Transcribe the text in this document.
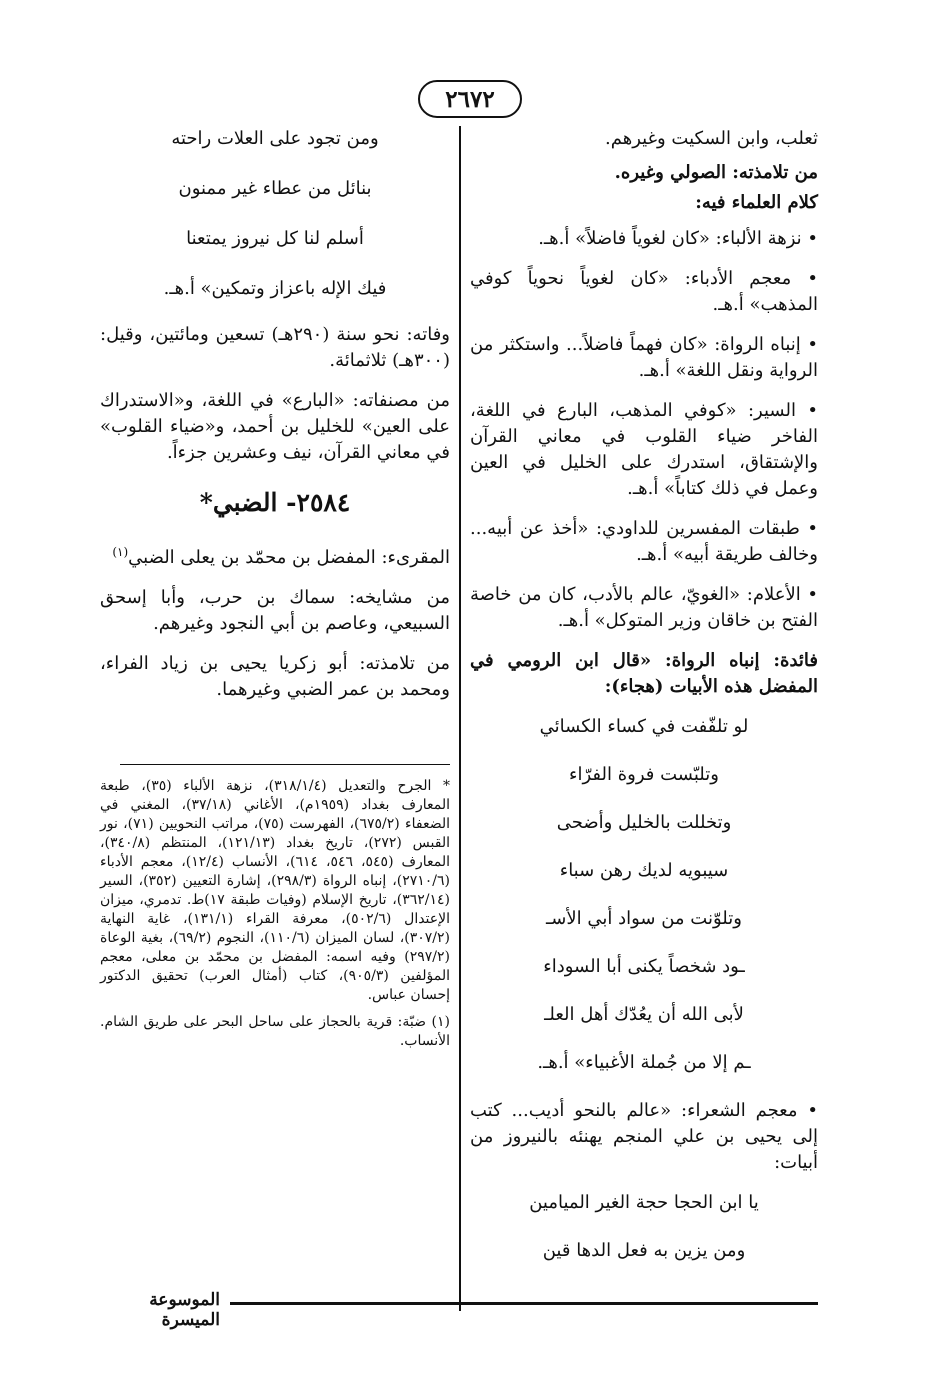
٢٦٧٢
ثعلب، وابن السكيت وغيرهم.
من تلامذته: الصولي وغيره.
كلام العلماء فيه:
• نزهة الألباء: «كان لغوياً فاضلاً» أ.هـ.
• معجم الأدباء: «كان لغوياً نحوياً كوفي المذهب» أ.هـ.
• إنباه الرواة: «كان فهماً فاضلاً... واستكثر من الرواية ونقل اللغة» أ.هـ.
• السير: «كوفي المذهب، البارع في اللغة، الفاخر ضياء القلوب في معاني القرآن والإشتقاق، استدرك على الخليل في العين وعمل في ذلك كتاباً» أ.هـ.
• طبقات المفسرين للداودي: «أخذ عن أبيه... وخالف طريقة أبيه» أ.هـ.
• الأعلام: «الغويّ، عالم بالأدب، كان من خاصة الفتح بن خاقان وزير المتوكل» أ.هـ.
فائدة: إنباه الرواة: «قال ابن الرومي في المفضل هذه الأبيات (هجاء):
لو تلفّفت في كساء الكسائي
وتلبّست فروة الفرّاء
وتخللت بالخليل وأضحى
سيبويه لديك رهن سباء
وتلوّنت من سواد أبي الأسـ
ـود شخصاً يكنى أبا السوداء
لأبى الله أن يعُدّك أهل العلـ
ـم إلا من جُملة الأغبياء» أ.هـ.
• معجم الشعراء: «عالم بالنحو أديب... كتب إلى يحيى بن علي المنجم يهنئه بالنيروز من أبيات:
يا ابن الحجا حجة الغير الميامين
ومن يزين به فعل الدها قين
ومن تجود على العلات راحته
بنائل من عطاء غير ممنون
أسلم لنا كل نيروز يمتعنا
فيك الإله باعزاز وتمكين» أ.هـ.
وفاته: نحو سنة (٢٩٠هـ) تسعين ومائتين، وقيل: (٣٠٠هـ) ثلاثمائة.
من مصنفاته: «البارع» في اللغة، و«الاستدراك على العين» للخليل بن أحمد، و«ضياء القلوب» في معاني القرآن، نيف وعشرين جزءاً.
٢٥٨٤- الضبي*
المقرىء: المفضل بن محمّد بن يعلى الضبي$^{(١)}$
من مشايخه: سماك بن حرب، وأبا إسحق السبيعي، وعاصم بن أبي النجود وغيرهم.
من تلامذته: أبو زكريا يحيى بن زياد الفراء، ومحمد بن عمر الضبي وغيرهما.
* الجرح والتعديل (٣١٨/١/٤)، نزهة الألباء (٣٥)، طبعة المعارف بغداد (١٩٥٩م)، الأغاني (٣٧/١٨)، المغني في الضعفاء (٦٧٥/٢)، الفهرست (٧٥)، مراتب النحويين (٧١)، نور القبس (٢٧٢)، تاريخ بغداد (١٢١/١٣)، المنتظم (٣٤٠/٨)، المعارف (٥٤٥، ٥٤٦، ٦١٤)، الأنساب (١٢/٤)، معجم الأدباء (٢٧١٠/٦)، إنباه الرواة (٢٩٨/٣)، إشارة التعيين (٣٥٢)، السير (٣٦٢/١٤)، تاريخ الإسلام (وفيات طبقة ١٧)ط. تدمري، ميزان الإعتدال (٥٠٢/٦)، معرفة القراء (١٣١/١)، غاية النهاية (٣٠٧/٢)، لسان الميزان (١١٠/٦)، النجوم (٦٩/٢)، بغية الوعاة (٢٩٧/٢) وفيه اسمه: المفضل بن محمّد بن معلى، معجم المؤلفين (٩٠٥/٣)، كتاب (أمثال العرب) تحقيق الدكتور إحسان عباس.
(١) ضبّة: قرية بالحجاز على ساحل البحر على طريق الشام. الأنساب.
الموسوعة الميسرة
